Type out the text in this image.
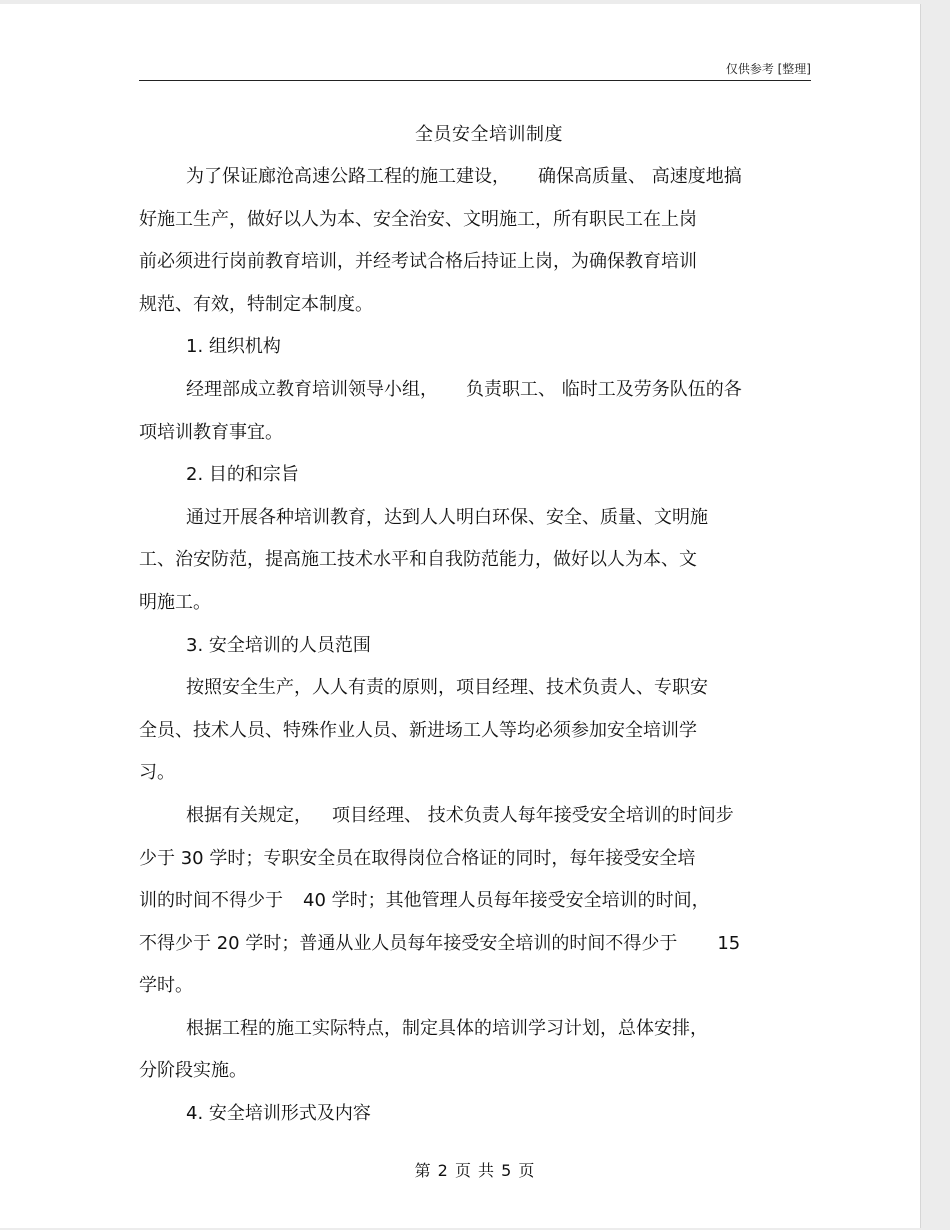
仅供参考 [整理]
全员安全培训制度
为了保证廊沧高速公路工程的施工建设， 确保高质量、 高速度地搞
好施工生产，做好以人为本、安全治安、文明施工，所有职民工在上岗
前必须进行岗前教育培训，并经考试合格后持证上岗，为确保教育培训
规范、有效，特制定本制度。
1. 组织机构
经理部成立教育培训领导小组， 负责职工、 临时工及劳务队伍的各
项培训教育事宜。
2. 目的和宗旨
通过开展各种培训教育，达到人人明白环保、安全、质量、文明施
工、治安防范，提高施工技术水平和自我防范能力，做好以人为本、文
明施工。
3. 安全培训的人员范围
按照安全生产，人人有责的原则，项目经理、技术负责人、专职安
全员、技术人员、特殊作业人员、新进场工人等均必须参加安全培训学
习。
根据有关规定， 项目经理、 技术负责人每年接受安全培训的时间步
少于 30 学时；专职安全员在取得岗位合格证的同时，每年接受安全培
训的时间不得少于 40 学时；其他管理人员每年接受安全培训的时间，
不得少于 20 学时；普通从业人员每年接受安全培训的时间不得少于 15
学时。
根据工程的施工实际特点，制定具体的培训学习计划，总体安排，
分阶段实施。
4. 安全培训形式及内容
第 2 页 共 5 页
